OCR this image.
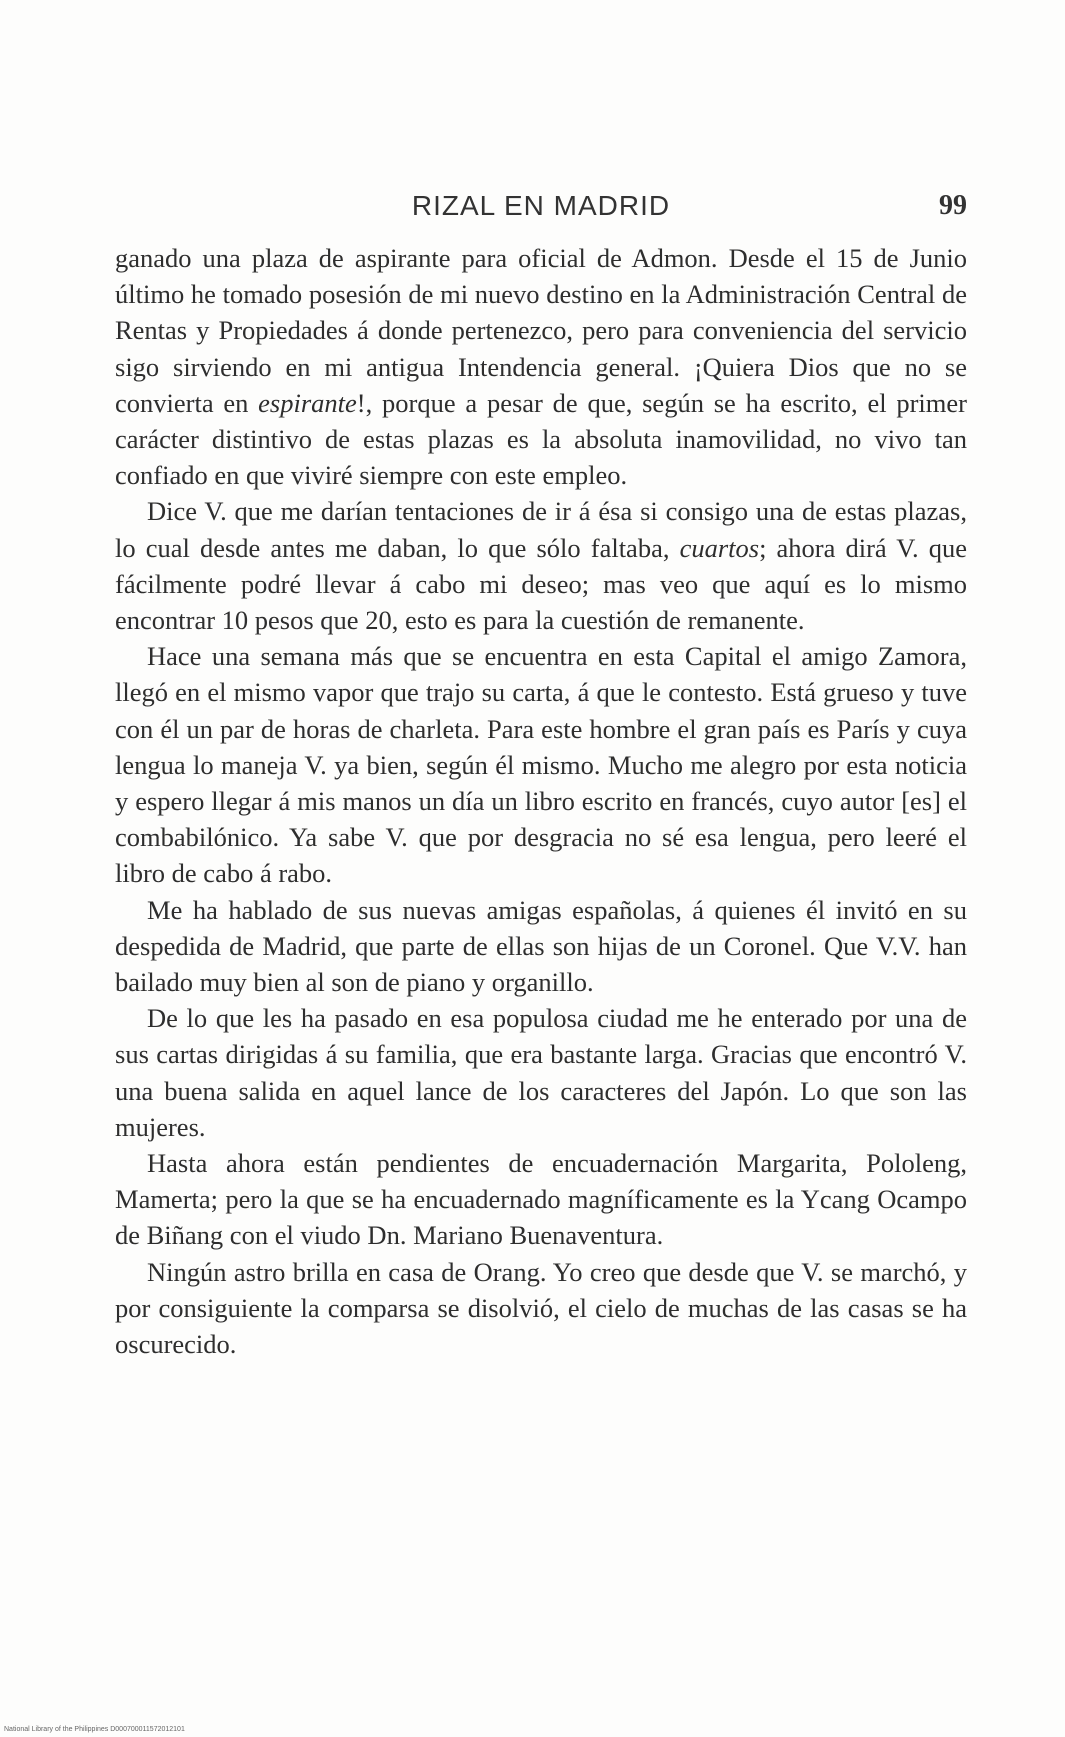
RIZAL EN MADRID	99

ganado una plaza de aspirante para oficial de Admon. Desde el 15 de Junio último he tomado posesión de mi nuevo destino en la Administración Central de Rentas y Propiedades á donde pertenezco, pero para conveniencia del servicio sigo sirviendo en mi antigua Intendencia general. ¡Quiera Dios que no se convierta en espirante!, porque a pesar de que, según se ha escrito, el primer carácter distintivo de estas plazas es la absoluta inamovilidad, no vivo tan confiado en que viviré siempre con este empleo.

Dice V. que me darían tentaciones de ir á ésa si consigo una de estas plazas, lo cual desde antes me daban, lo que sólo faltaba, cuartos; ahora dirá V. que fácilmente podré llevar á cabo mi deseo; mas veo que aquí es lo mismo encontrar 10 pesos que 20, esto es para la cuestión de remanente.

Hace una semana más que se encuentra en esta Capital el amigo Zamora, llegó en el mismo vapor que trajo su carta, á que le contesto. Está grueso y tuve con él un par de horas de charleta. Para este hombre el gran país es París y cuya lengua lo maneja V. ya bien, según él mismo. Mucho me alegro por esta noticia y espero llegar á mis manos un día un libro escrito en francés, cuyo autor [es] el combabilónico. Ya sabe V. que por desgracia no sé esa lengua, pero leeré el libro de cabo á rabo.

Me ha hablado de sus nuevas amigas españolas, á quienes él invitó en su despedida de Madrid, que parte de ellas son hijas de un Coronel. Que V.V. han bailado muy bien al son de piano y organillo.

De lo que les ha pasado en esa populosa ciudad me he enterado por una de sus cartas dirigidas á su familia, que era bastante larga. Gracias que encontró V. una buena salida en aquel lance de los caracteres del Japón. Lo que son las mujeres.

Hasta ahora están pendientes de encuadernación Margarita, Pololeng, Mamerta; pero la que se ha encuadernado magníficamente es la Ycang Ocampo de Biñang con el viudo Dn. Mariano Buenaventura.

Ningún astro brilla en casa de Orang. Yo creo que desde que V. se marchó, y por consiguiente la comparsa se disolvió, el cielo de muchas de las casas se ha oscurecido.

National Library of the Philippines D000700011572012101
